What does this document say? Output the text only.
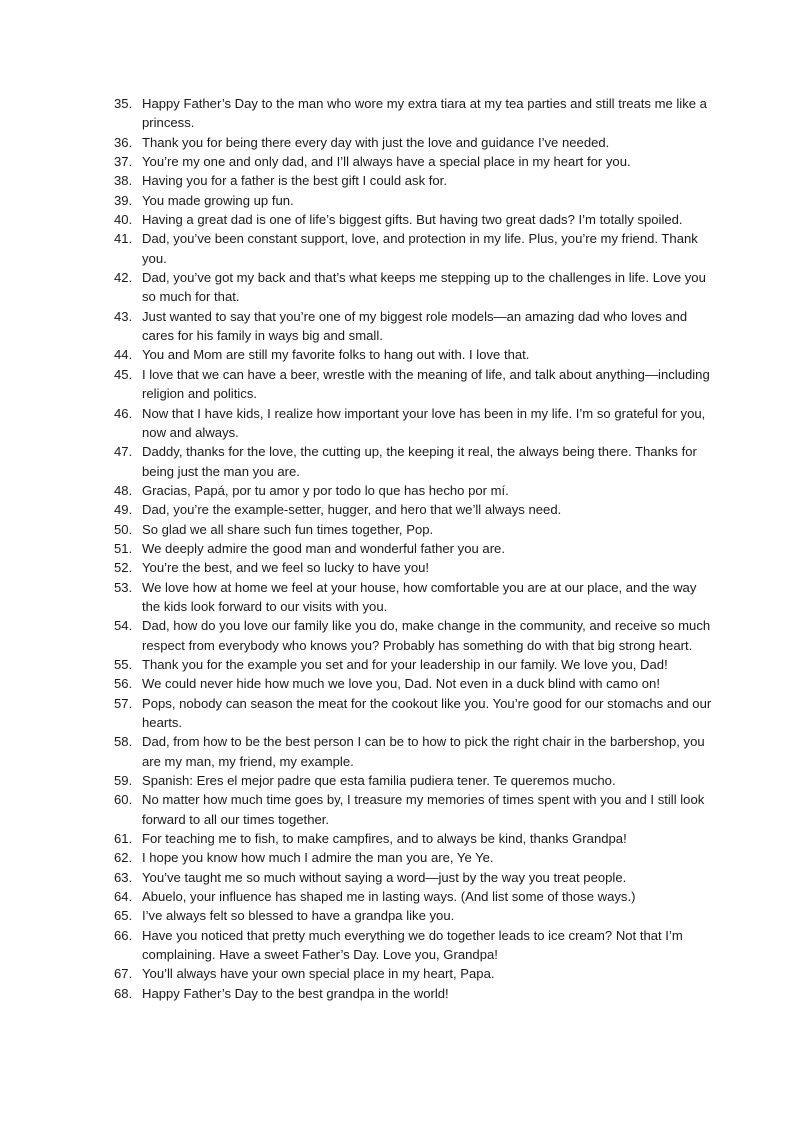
35. Happy Father’s Day to the man who wore my extra tiara at my tea parties and still treats me like a princess.
36. Thank you for being there every day with just the love and guidance I’ve needed.
37. You’re my one and only dad, and I’ll always have a special place in my heart for you.
38. Having you for a father is the best gift I could ask for.
39. You made growing up fun.
40. Having a great dad is one of life’s biggest gifts. But having two great dads? I’m totally spoiled.
41. Dad, you’ve been constant support, love, and protection in my life. Plus, you’re my friend. Thank you.
42. Dad, you’ve got my back and that’s what keeps me stepping up to the challenges in life. Love you so much for that.
43. Just wanted to say that you’re one of my biggest role models—an amazing dad who loves and cares for his family in ways big and small.
44. You and Mom are still my favorite folks to hang out with. I love that.
45. I love that we can have a beer, wrestle with the meaning of life, and talk about anything—including religion and politics.
46. Now that I have kids, I realize how important your love has been in my life. I’m so grateful for you, now and always.
47. Daddy, thanks for the love, the cutting up, the keeping it real, the always being there. Thanks for being just the man you are.
48. Gracias, Papá, por tu amor y por todo lo que has hecho por mí.
49. Dad, you’re the example-setter, hugger, and hero that we’ll always need.
50. So glad we all share such fun times together, Pop.
51. We deeply admire the good man and wonderful father you are.
52. You’re the best, and we feel so lucky to have you!
53. We love how at home we feel at your house, how comfortable you are at our place, and the way the kids look forward to our visits with you.
54. Dad, how do you love our family like you do, make change in the community, and receive so much respect from everybody who knows you? Probably has something do with that big strong heart.
55. Thank you for the example you set and for your leadership in our family. We love you, Dad!
56. We could never hide how much we love you, Dad. Not even in a duck blind with camo on!
57. Pops, nobody can season the meat for the cookout like you. You’re good for our stomachs and our hearts.
58. Dad, from how to be the best person I can be to how to pick the right chair in the barbershop, you are my man, my friend, my example.
59. Spanish: Eres el mejor padre que esta familia pudiera tener. Te queremos mucho.
60. No matter how much time goes by, I treasure my memories of times spent with you and I still look forward to all our times together.
61. For teaching me to fish, to make campfires, and to always be kind, thanks Grandpa!
62. I hope you know how much I admire the man you are, Ye Ye.
63. You’ve taught me so much without saying a word—just by the way you treat people.
64. Abuelo, your influence has shaped me in lasting ways. (And list some of those ways.)
65. I’ve always felt so blessed to have a grandpa like you.
66. Have you noticed that pretty much everything we do together leads to ice cream? Not that I’m complaining. Have a sweet Father’s Day. Love you, Grandpa!
67. You’ll always have your own special place in my heart, Papa.
68. Happy Father’s Day to the best grandpa in the world!
